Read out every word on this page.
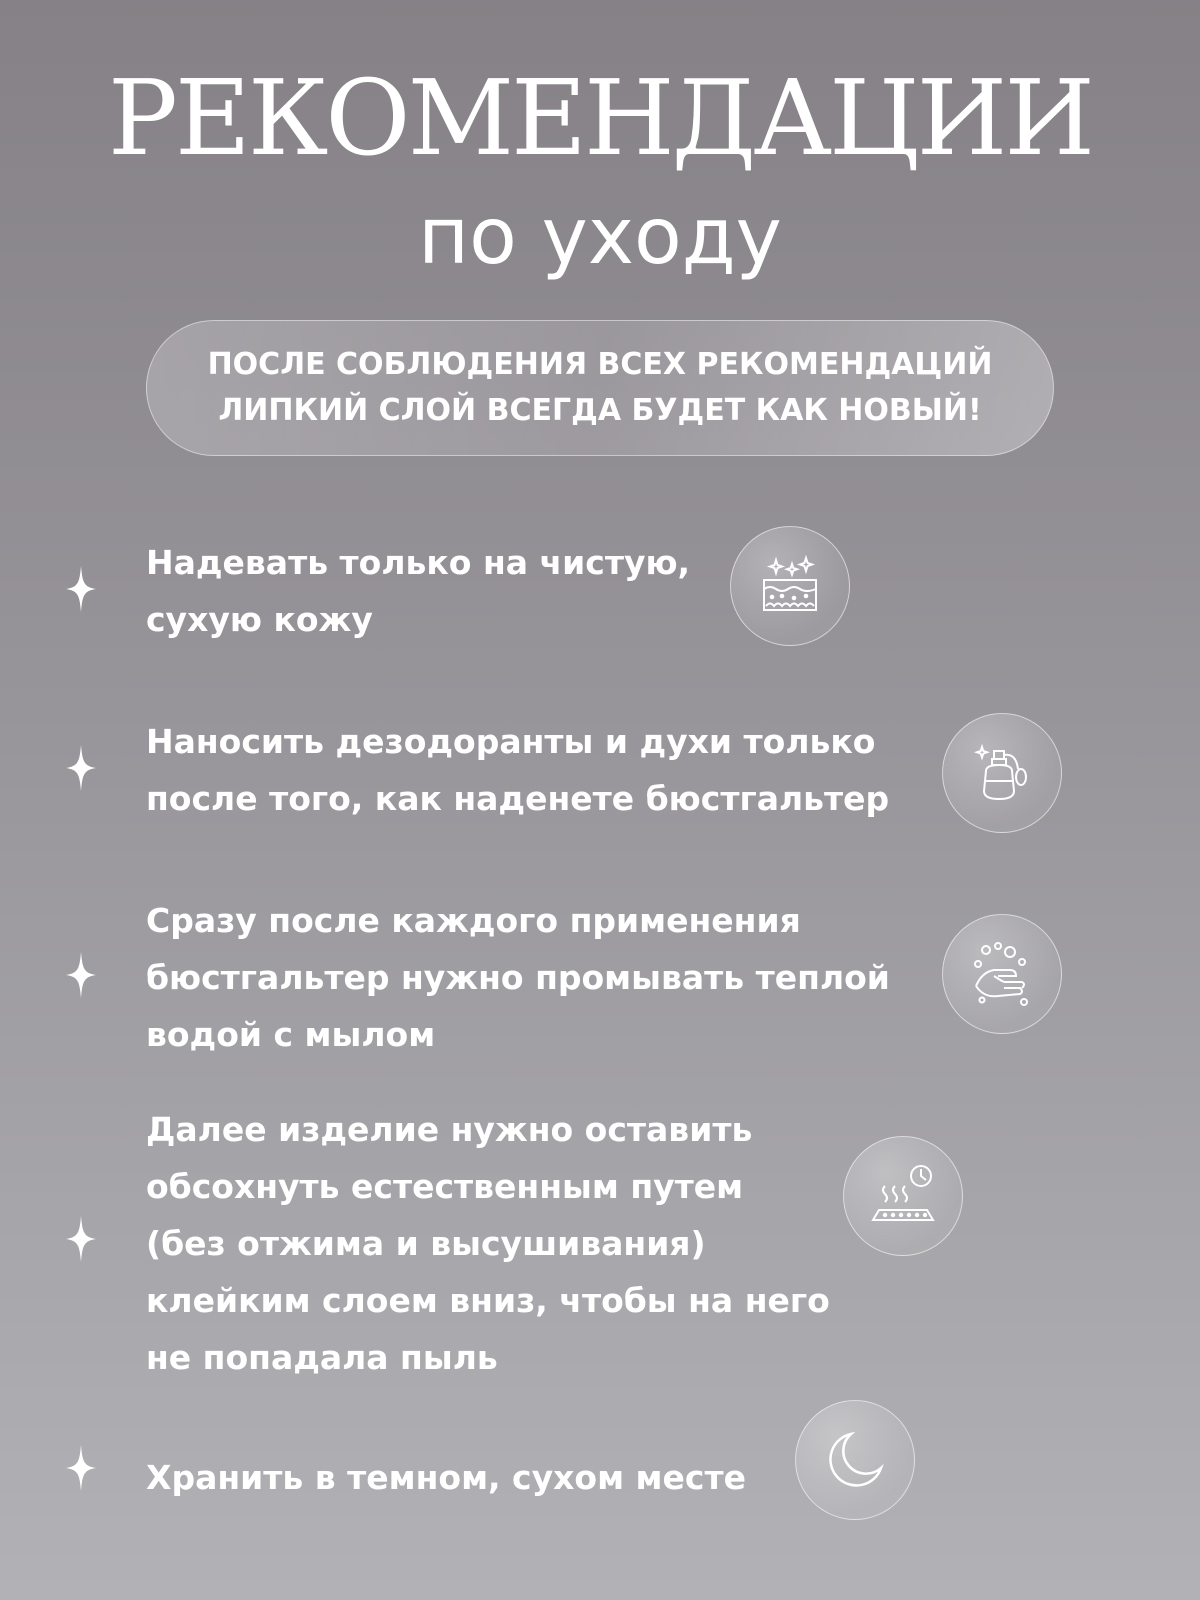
РЕКОМЕНДАЦИИ
по уходу
ПОСЛЕ СОБЛЮДЕНИЯ ВСЕХ РЕКОМЕНДАЦИЙ
ЛИПКИЙ СЛОЙ ВСЕГДА БУДЕТ КАК НОВЫЙ!
Надевать только на чистую,
сухую кожу
Наносить дезодоранты и духи только
после того, как наденете бюстгальтер
Сразу после каждого применения
бюстгальтер нужно промывать теплой
водой с мылом
Далее изделие нужно оставить
обсохнуть естественным путем
(без отжима и высушивания)
клейким слоем вниз, чтобы на него
не попадала пыль
Хранить в темном, сухом месте
